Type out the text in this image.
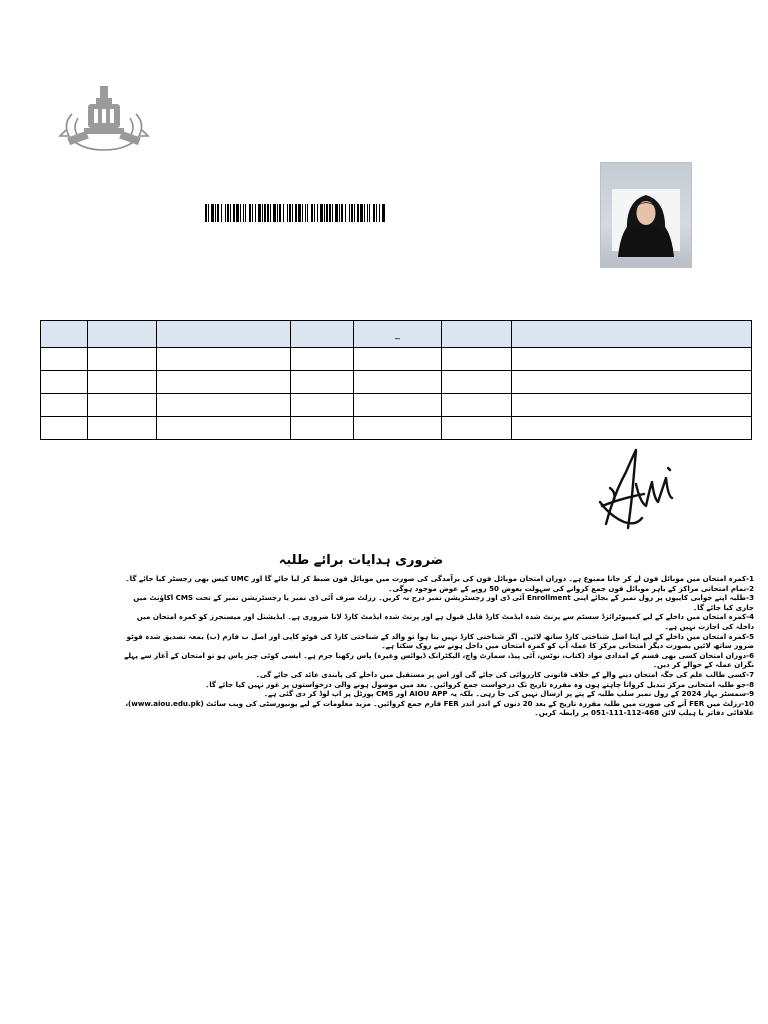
				_		

ضروری ہدایات برائے طلبہ

1-کمرہ امتحان میں موبائل فون لے کر جانا ممنوع ہے۔ دوران امتحان موبائل فون کی برآمدگی کی صورت میں موبائل فون ضبط کر لیا جائے گا اور UMC کیس بھی رجسٹر کیا جائے گا۔

2-تمام امتحانی مراکز کے باہر موبائل فون جمع کروانے کی سہولت بعوض 50 روپے کے عوض موجود ہوگی۔

3-طلبہ اپنے جوابی کاپیوں پر رول نمبر کے بجائے اپنی Enrollment آئی ڈی اور رجسٹریشن نمبر درج نہ کریں۔ رزلٹ صرف آئی ڈی نمبر یا رجسٹریشن نمبر کے تحت CMS اکاؤنٹ میں جاری کیا جائے گا۔

4-کمرہ امتحان میں داخلے کے لیے کمپیوٹرائزڈ سسٹم سے پرنٹ شدہ ایڈمٹ کارڈ قابل قبول ہے اور پرنٹ شدہ ایڈمٹ کارڈ لانا ضروری ہے۔ ایڈیشنل اور میسنجرز کو کمرہ امتحان میں داخلہ کی اجازت نہیں ہے۔

5-کمرہ امتحان میں داخلے کے لیے اپنا اصل شناختی کارڈ ساتھ لائیں۔ اگر شناختی کارڈ نہیں بنا ہوا تو والد کے شناختی کارڈ کی فوٹو کاپی اور اصل ب فارم (ب) بمعہ تصدیق شدہ فوٹو ضرور ساتھ لائیں بصورت دیگر امتحانی مرکز کا عملہ آپ کو کمرہ امتحان میں داخل ہونے سے روک سکتا ہے۔

6-دوران امتحان کسی بھی قسم کے امدادی مواد (کتاب، نوٹس، آئی پیڈ، سمارٹ واچ، الیکٹرانک ڈیوائس وغیرہ) پاس رکھنا جرم ہے۔ ایسی کوئی چیز پاس ہو تو امتحان کے آغاز سے پہلے نگران عملہ کے حوالے کر دیں۔

7-کسی طالب علم کی جگہ امتحان دینے والے کے خلاف قانونی کارروائی کی جائے گی اور اس پر مستقبل میں داخلے کی پابندی عائد کی جائے گی۔

8-جو طلبہ امتحانی مرکز تبدیل کروانا چاہتے ہوں وہ مقررہ تاریخ تک درخواست جمع کروائیں۔ بعد میں موصول ہونے والی درخواستوں پر غور نہیں کیا جائے گا۔

9-سمسٹر بہار 2024 کے رول نمبر سلپ طلبہ کے پتے پر ارسال نہیں کی جا رہی۔ بلکہ یہ AIOU APP اور CMS پورٹل پر اپ لوڈ کر دی گئی ہے۔

10-رزلٹ میں FER آنے کی صورت میں طلبہ مقررہ تاریخ کے بعد 20 دنوں کے اندر اندر FER فارم جمع کروائیں۔ مزید معلومات کے لیے یونیورسٹی کی ویب سائٹ (www.aiou.edu.pk)، علاقائی دفاتر یا ہیلپ لائن 468-112-111-051 پر رابطہ کریں۔
